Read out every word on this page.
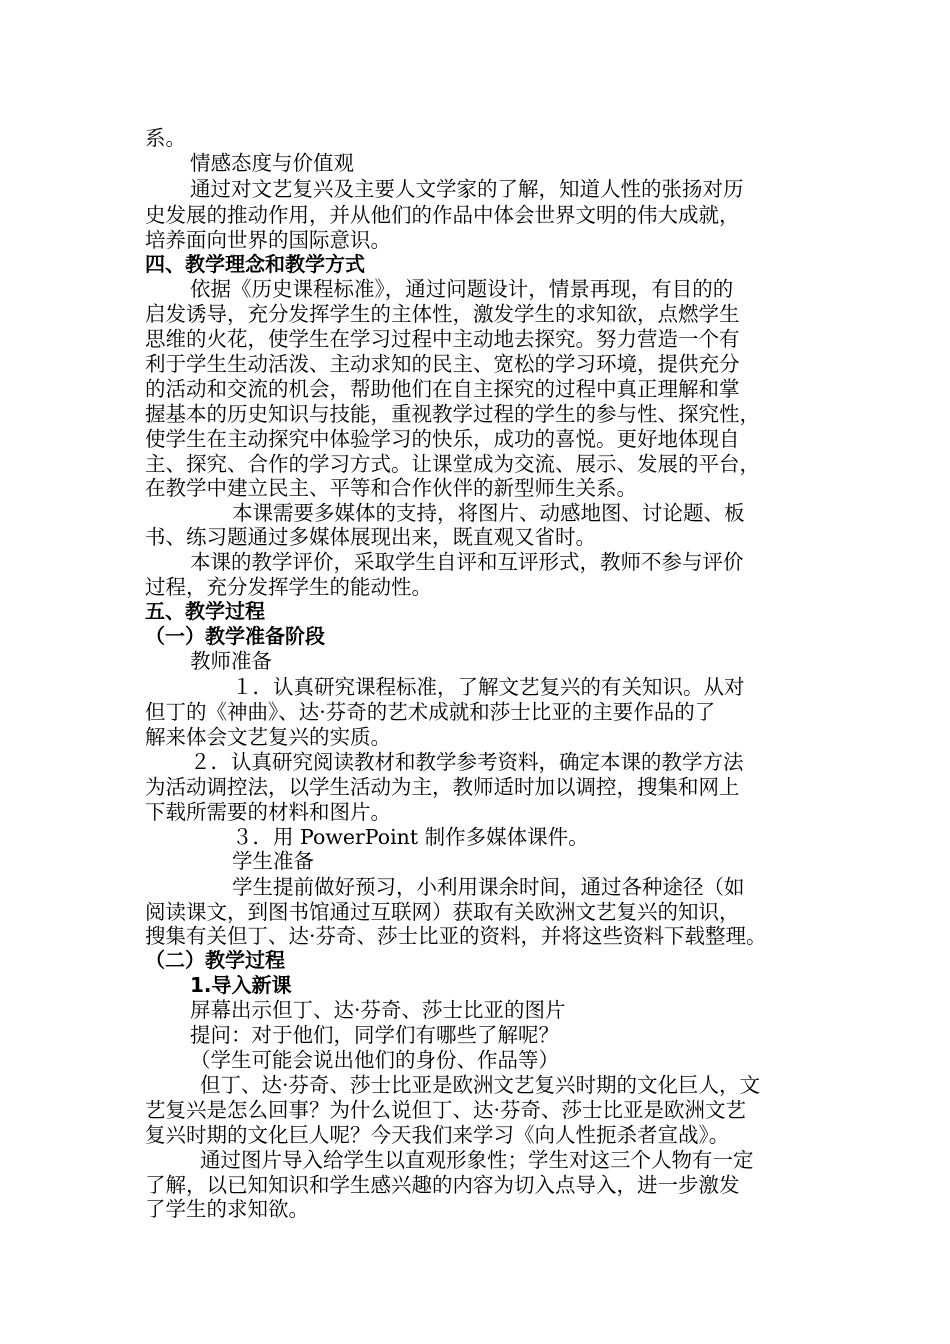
系。
情感态度与价值观
通过对文艺复兴及主要人文学家的了解，知道人性的张扬对历
史发展的推动作用，并从他们的作品中体会世界文明的伟大成就，
培养面向世界的国际意识。
四、教学理念和教学方式
依据《历史课程标准》，通过问题设计，情景再现，有目的的
启发诱导，充分发挥学生的主体性，激发学生的求知欲，点燃学生
思维的火花，使学生在学习过程中主动地去探究。努力营造一个有
利于学生生动活泼、主动求知的民主、宽松的学习环境，提供充分
的活动和交流的机会，帮助他们在自主探究的过程中真正理解和掌
握基本的历史知识与技能，重视教学过程的学生的参与性、探究性，
使学生在主动探究中体验学习的快乐，成功的喜悦。更好地体现自
主、探究、合作的学习方式。让课堂成为交流、展示、发展的平台，
在教学中建立民主、平等和合作伙伴的新型师生关系。
本课需要多媒体的支持，将图片、动感地图、讨论题、板
书、练习题通过多媒体展现出来，既直观又省时。
本课的教学评价，采取学生自评和互评形式，教师不参与评价
过程，充分发挥学生的能动性。
五、教学过程
（一）教学准备阶段
教师准备
１．认真研究课程标准，了解文艺复兴的有关知识。从对
但丁的《神曲》、达·芬奇的艺术成就和莎士比亚的主要作品的了
解来体会文艺复兴的实质。
２．认真研究阅读教材和教学参考资料，确定本课的教学方法
为活动调控法，以学生活动为主，教师适时加以调控，搜集和网上
下载所需要的材料和图片。
３．用 PowerPoint 制作多媒体课件。
学生准备
学生提前做好预习，小利用课余时间，通过各种途径（如
阅读课文，到图书馆通过互联网）获取有关欧洲文艺复兴的知识，
搜集有关但丁、达·芬奇、莎士比亚的资料，并将这些资料下载整理。
（二）教学过程
1.导入新课
屏幕出示但丁、达·芬奇、莎士比亚的图片
提问：对于他们，同学们有哪些了解呢？
（学生可能会说出他们的身份、作品等）
但丁、达·芬奇、莎士比亚是欧洲文艺复兴时期的文化巨人，文
艺复兴是怎么回事？为什么说但丁、达·芬奇、莎士比亚是欧洲文艺
复兴时期的文化巨人呢？今天我们来学习《向人性扼杀者宣战》。
通过图片导入给学生以直观形象性；学生对这三个人物有一定
了解，以已知知识和学生感兴趣的内容为切入点导入，进一步激发
了学生的求知欲。
